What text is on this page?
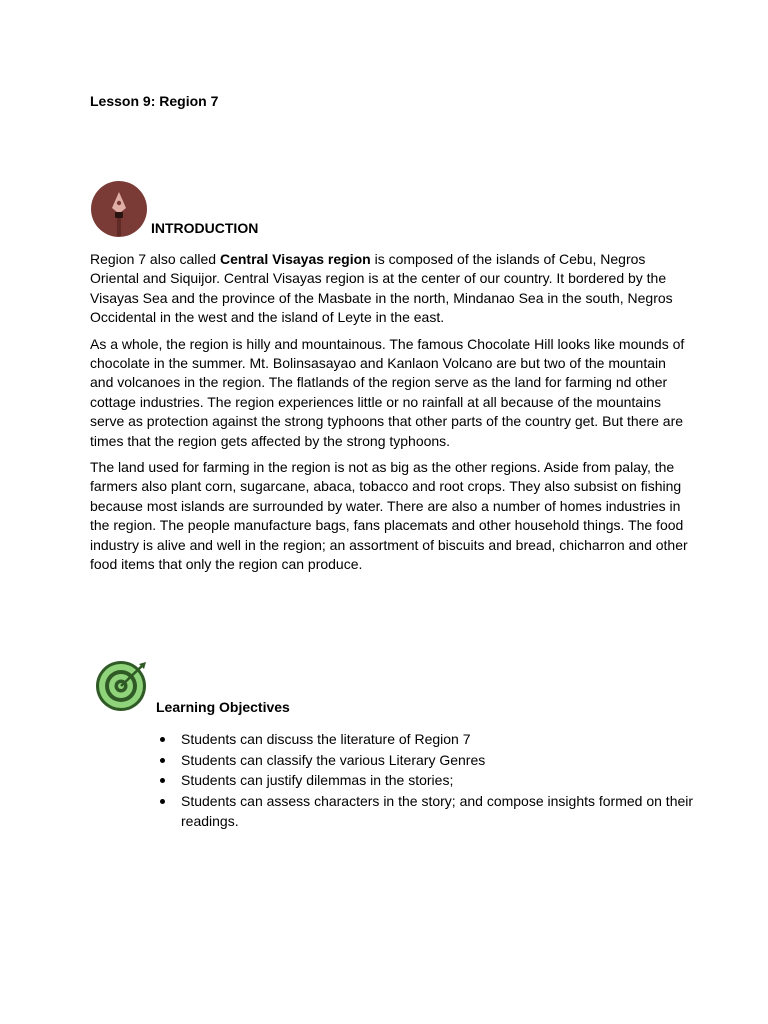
Lesson 9: Region 7
INTRODUCTION

Region 7 also called Central Visayas region is composed of the islands of Cebu, Negros Oriental and Siquijor. Central Visayas region is at the center of our country. It bordered by the Visayas Sea and the province of the Masbate in the north, Mindanao Sea in the south, Negros Occidental in the west and the island of Leyte in the east.

As a whole, the region is hilly and mountainous. The famous Chocolate Hill looks like mounds of chocolate in the summer. Mt. Bolinsasayao and Kanlaon Volcano are but two of the mountain and volcanoes in the region. The flatlands of the region serve as the land for farming nd other cottage industries. The region experiences little or no rainfall at all because of the mountains serve as protection against the strong typhoons that other parts of the country get. But there are times that the region gets affected by the strong typhoons.

The land used for farming in the region is not as big as the other regions. Aside from palay, the farmers also plant corn, sugarcane, abaca, tobacco and root crops. They also subsist on fishing because most islands are surrounded by water. There are also a number of homes industries in the region. The people manufacture bags, fans placemats and other household things. The food industry is alive and well in the region; an assortment of biscuits and bread, chicharron and other food items that only the region can produce.

Learning Objectives
Students can discuss the literature of Region 7
Students can classify the various Literary Genres
Students can justify dilemmas in the stories;
Students can assess characters in the story; and compose insights formed on their readings.
